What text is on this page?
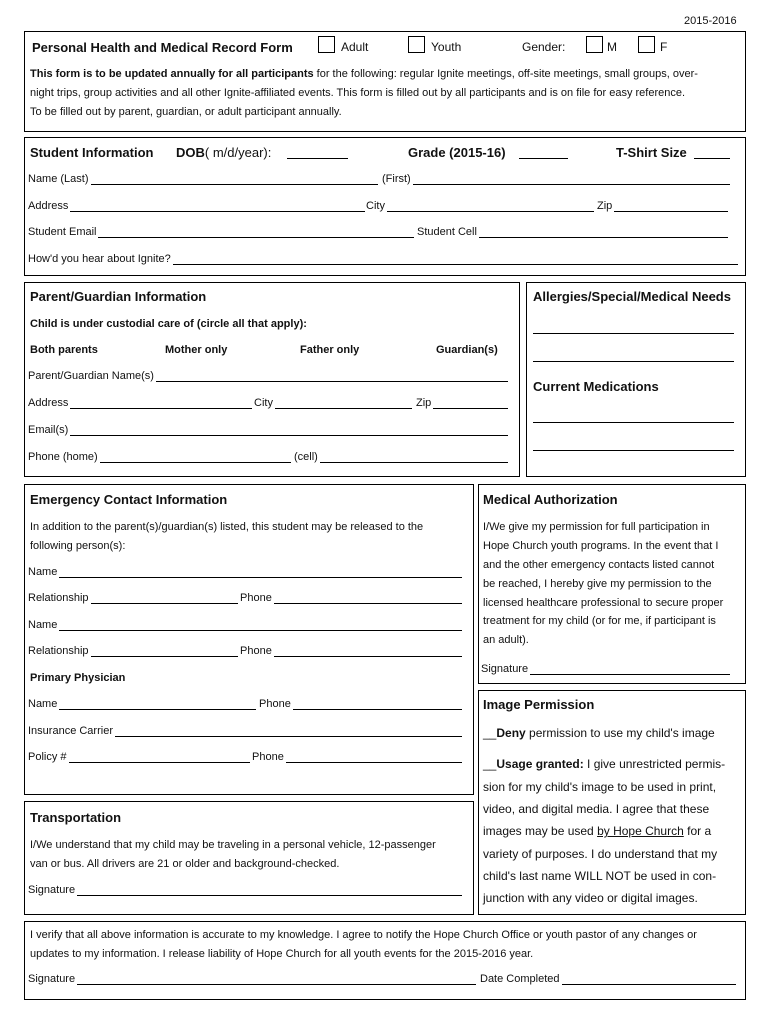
2015-2016
Personal Health and Medical Record Form	Adult	Youth	Gender:	M	F
This form is to be updated annually for all participants for the following: regular Ignite meetings, off-site meetings, small groups, over-
night trips, group activities and all other Ignite-affiliated events. This form is filled out by all participants and is on file for easy reference.
To be filled out by parent, guardian, or adult participant annually.
Student Information DOB( m/d/year):	Grade (2015-16)	T-Shirt Size
Name (Last)	(First)
Address	City	Zip
Student Email	Student Cell
How'd you hear about Ignite?
Parent/Guardian Information
Child is under custodial care of (circle all that apply):
Both parents	Mother only	Father only	Guardian(s)
Parent/Guardian Name(s)
Address	City	Zip
Email(s)
Phone (home)	(cell)
Allergies/Special/Medical Needs
Current Medications
Emergency Contact Information
In addition to the parent(s)/guardian(s) listed, this student may be released to the
following person(s):
Name
Relationship	Phone
Name
Relationship	Phone
Primary Physician
Name	Phone
Insurance Carrier
Policy #	Phone
Medical Authorization
I/We give my permission for full participation in
Hope Church youth programs. In the event that I
and the other emergency contacts listed cannot
be reached, I hereby give my permission to the
licensed healthcare professional to secure proper
treatment for my child (or for me, if participant is
an adult).
Signature
Image Permission
__Deny permission to use my child's image
__Usage granted: I give unrestricted permis-
sion for my child's image to be used in print,
video, and digital media. I agree that these
images may be used by Hope Church for a
variety of purposes. I do understand that my
child's last name WILL NOT be used in con-
junction with any video or digital images.
Transportation
I/We understand that my child may be traveling in a personal vehicle, 12-passenger
van or bus. All drivers are 21 or older and background-checked.
Signature
I verify that all above information is accurate to my knowledge. I agree to notify the Hope Church Office or youth pastor of any changes or
updates to my information. I release liability of Hope Church for all youth events for the 2015-2016 year.
Signature	Date Completed
